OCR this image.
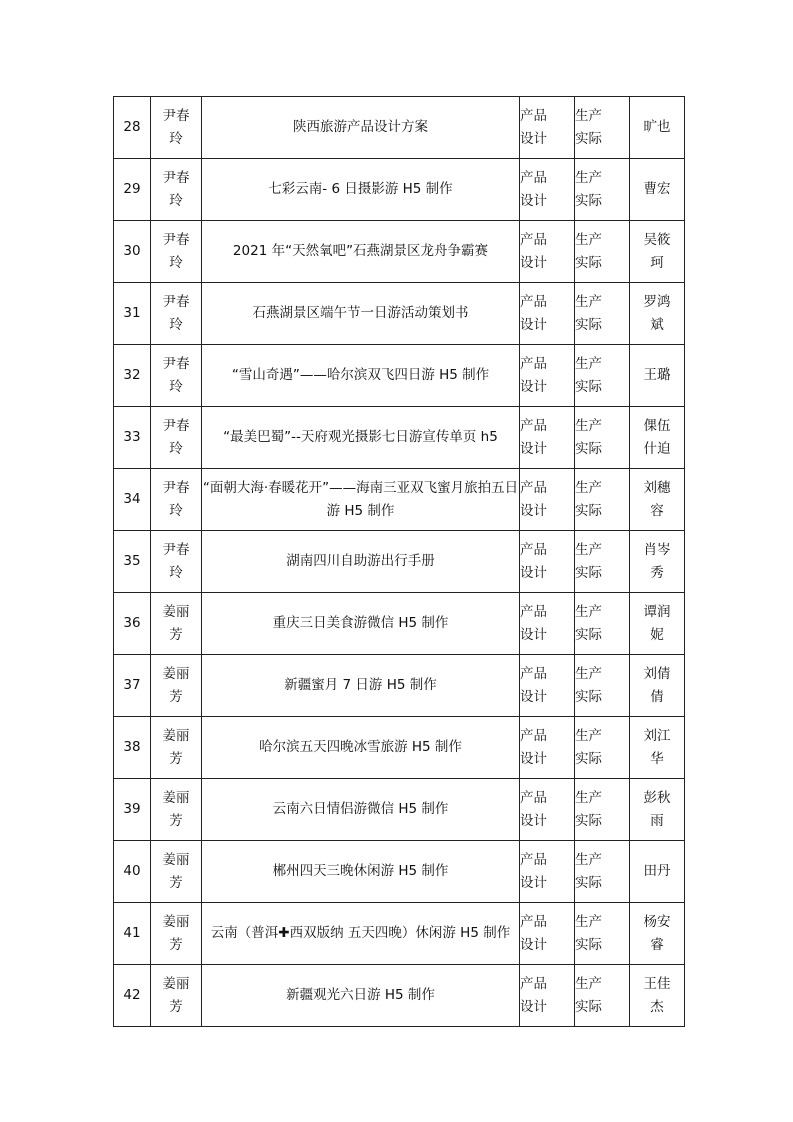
28	尹春玲	陕西旅游产品设计方案	产品设计	生产实际	旷也

29	尹春玲	七彩云南- 6 日摄影游 H5 制作	产品设计	生产实际	曹宏

30	尹春玲	2021 年“天然氧吧”石燕湖景区龙舟争霸赛	产品设计	生产实际	吴筱珂

31	尹春玲	石燕湖景区端午节一日游活动策划书	产品设计	生产实际	罗鸿斌

32	尹春玲	“雪山奇遇”——哈尔滨双飞四日游 H5 制作	产品设计	生产实际	王璐

33	尹春玲	“最美巴蜀”--天府观光摄影七日游宣传单页 h5	产品设计	生产实际	倮伍什迫

34	尹春玲	“面朝大海·春暖花开”——海南三亚双飞蜜月旅拍五日游 H5 制作	产品设计	生产实际	刘穗容

35	尹春玲	湖南四川自助游出行手册	产品设计	生产实际	肖岑秀

36	姜丽芳	重庆三日美食游微信 H5 制作	产品设计	生产实际	谭润妮

37	姜丽芳	新疆蜜月 7 日游 H5 制作	产品设计	生产实际	刘倩倩

38	姜丽芳	哈尔滨五天四晚冰雪旅游 H5 制作	产品设计	生产实际	刘江华

39	姜丽芳	云南六日情侣游微信 H5 制作	产品设计	生产实际	彭秋雨

40	姜丽芳	郴州四天三晚休闲游 H5 制作	产品设计	生产实际	田丹

41	姜丽芳	云南（普洱✚西双版纳 五天四晚）休闲游 H5 制作	产品设计	生产实际	杨安睿

42	姜丽芳	新疆观光六日游 H5 制作	产品设计	生产实际	王佳杰
